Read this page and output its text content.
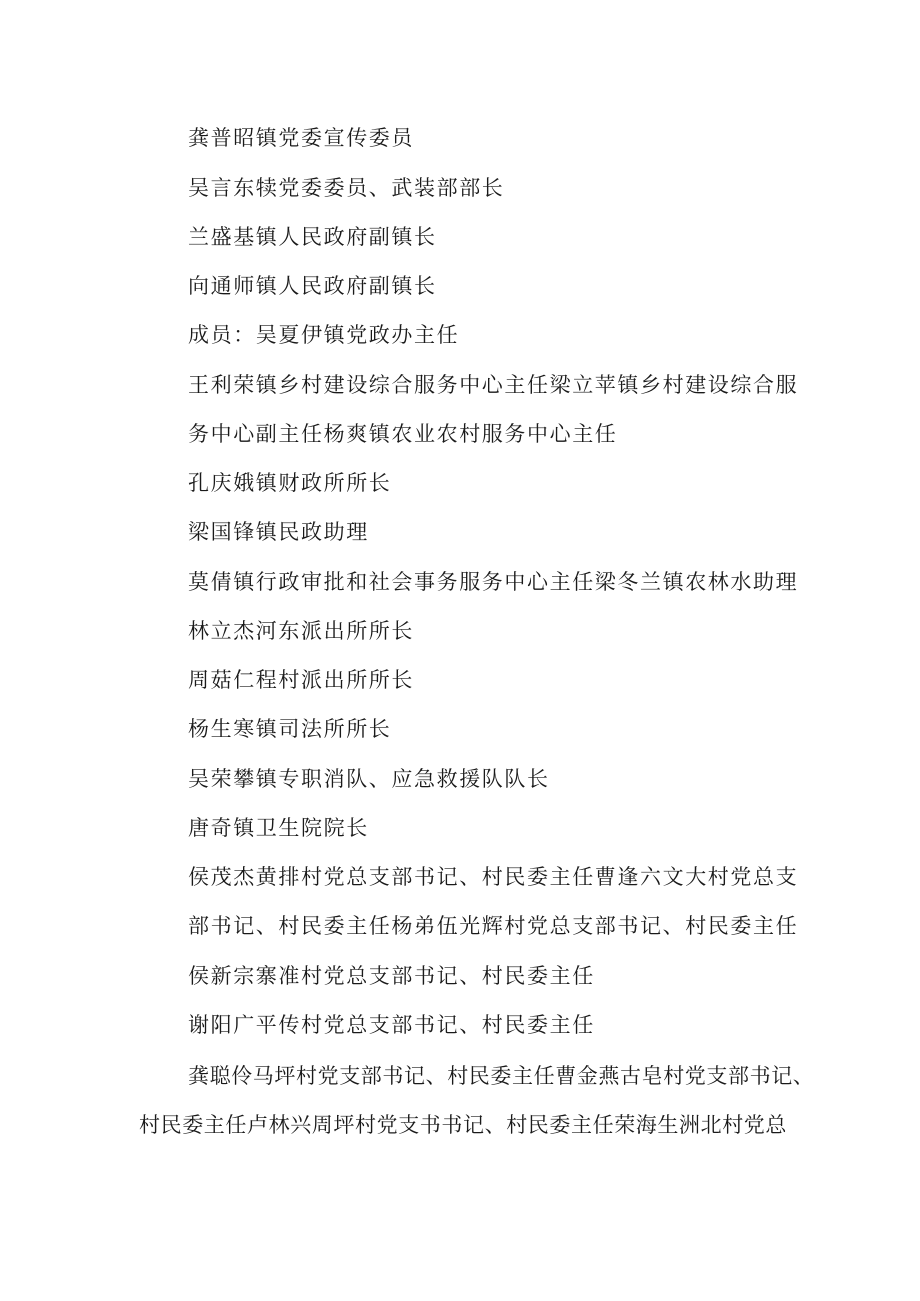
龚普昭镇党委宣传委员
吴言东犊党委委员、武装部部长
兰盛基镇人民政府副镇长
向通师镇人民政府副镇长
成员：吴夏伊镇党政办主任
王利荣镇乡村建设综合服务中心主任梁立苹镇乡村建设综合服
务中心副主任杨爽镇农业农村服务中心主任
孔庆娥镇财政所所长
梁国锋镇民政助理
莫倩镇行政审批和社会事务服务中心主任梁冬兰镇农林水助理
林立杰河东派出所所长
周菇仁程村派出所所长
杨生寒镇司法所所长
吴荣攀镇专职消队、应急救援队队长
唐奇镇卫生院院长
侯茂杰黄排村党总支部书记、村民委主任曹逢六文大村党总支
部书记、村民委主任杨弟伍光辉村党总支部书记、村民委主任
侯新宗寨准村党总支部书记、村民委主任
谢阳广平传村党总支部书记、村民委主任
龚聪伶马坪村党支部书记、村民委主任曹金燕古皂村党支部书记、
村民委主任卢林兴周坪村党支书书记、村民委主任荣海生洲北村党总
